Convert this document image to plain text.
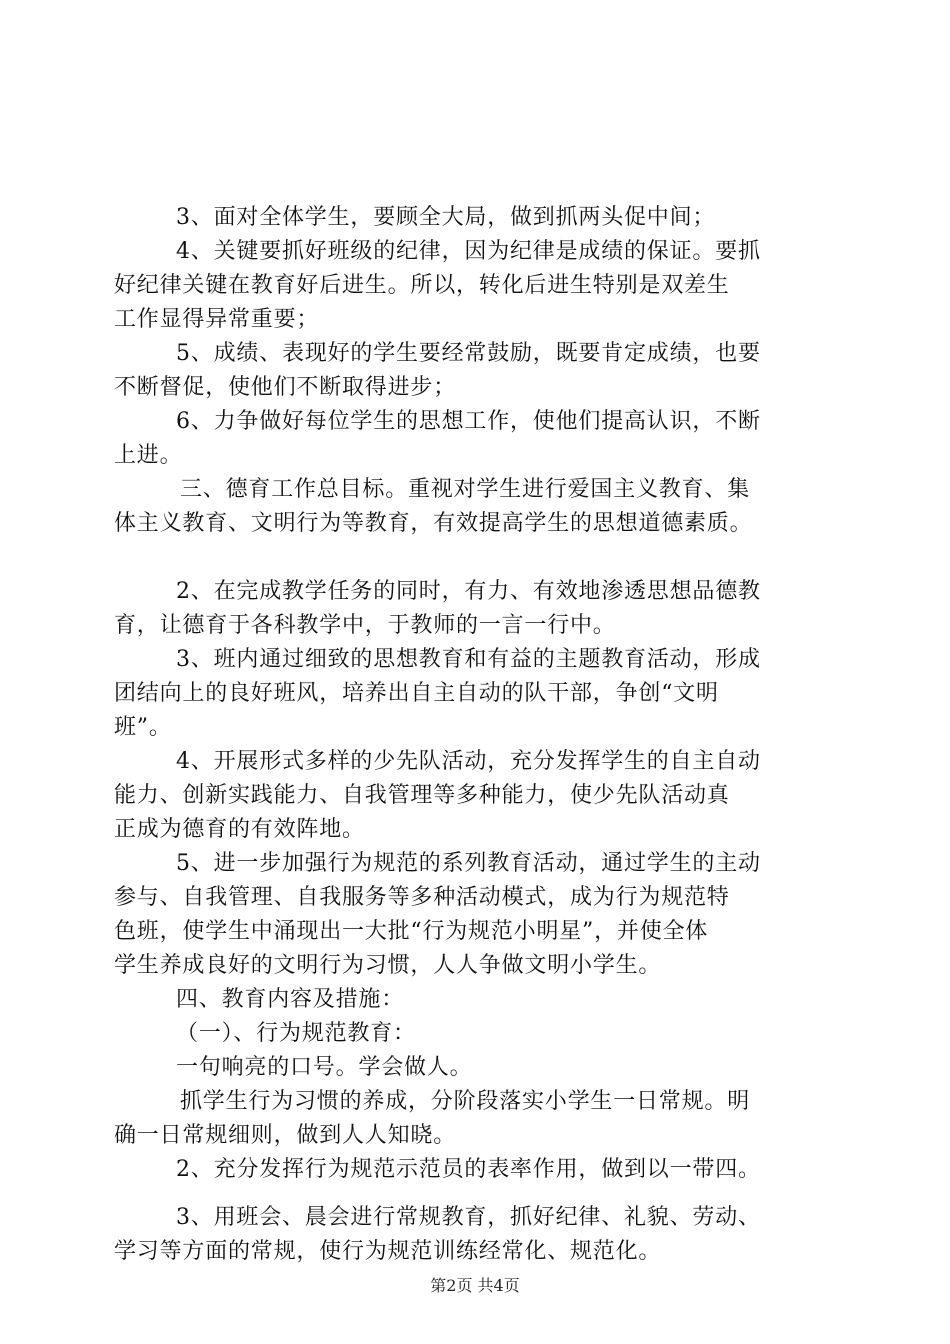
3、面对全体学生，要顾全大局，做到抓两头促中间；
4、关键要抓好班级的纪律，因为纪律是成绩的保证。要抓
好纪律关键在教育好后进生。所以，转化后进生特别是双差生
工作显得异常重要；
5、成绩、表现好的学生要经常鼓励，既要肯定成绩，也要
不断督促，使他们不断取得进步；
6、力争做好每位学生的思想工作，使他们提高认识，不断
上进。
三、德育工作总目标。重视对学生进行爱国主义教育、集
体主义教育、文明行为等教育，有效提高学生的思想道德素质。
2、在完成教学任务的同时，有力、有效地渗透思想品德教
育，让德育于各科教学中，于教师的一言一行中。
3、班内通过细致的思想教育和有益的主题教育活动，形成
团结向上的良好班风，培养出自主自动的队干部，争创“文明
班”。
4、开展形式多样的少先队活动，充分发挥学生的自主自动
能力、创新实践能力、自我管理等多种能力，使少先队活动真
正成为德育的有效阵地。
5、进一步加强行为规范的系列教育活动，通过学生的主动
参与、自我管理、自我服务等多种活动模式，成为行为规范特
色班，使学生中涌现出一大批“行为规范小明星”，并使全体
学生养成良好的文明行为习惯，人人争做文明小学生。
四、教育内容及措施：
（一）、行为规范教育：
一句响亮的口号。学会做人。
抓学生行为习惯的养成，分阶段落实小学生一日常规。明
确一日常规细则，做到人人知晓。
2、充分发挥行为规范示范员的表率作用，做到以一带四。
3、用班会、晨会进行常规教育，抓好纪律、礼貌、劳动、
学习等方面的常规，使行为规范训练经常化、规范化。
第2页 共4页
